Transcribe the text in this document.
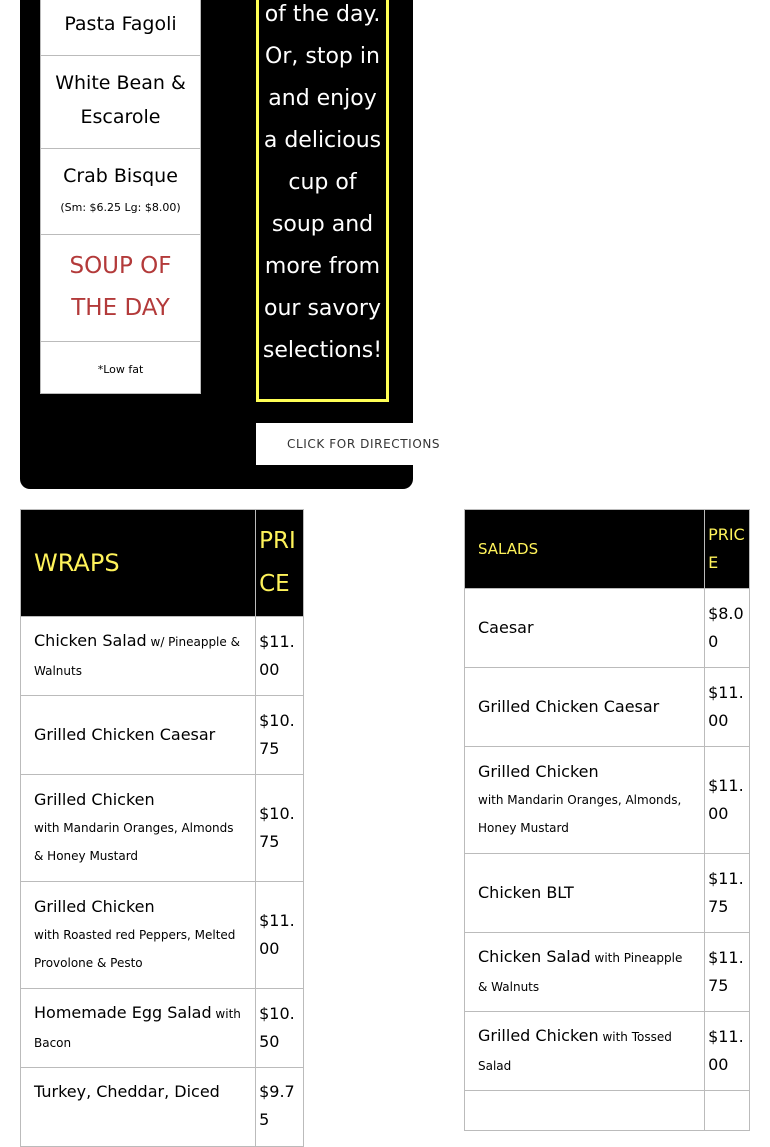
Pasta Fagoli
White Bean & Escarole
Crab Bisque
(Sm: $6.25 Lg: $8.00)
SOUP OF THE DAY
*Low fat
of the day. Or, stop in and enjoy a delicious cup of soup and more from our savory selections!
CLICK FOR DIRECTIONS
WRAPS	PRICE
Chicken Salad w/ Pineapple & Walnuts	$11.00
Grilled Chicken Caesar	$10.75

Grilled Chicken
with Mandarin Oranges, Almonds & Honey Mustard	$10.75

Grilled Chicken
with Roasted red Peppers, Melted Provolone & Pesto	$11.00
Homemade Egg Salad with Bacon	$10.50
Turkey, Cheddar, Diced	$9.75
SALADS	PRICE
Caesar	$8.00
Grilled Chicken Caesar	$11.00

Grilled Chicken
with Mandarin Oranges, Almonds, Honey Mustard	$11.00
Chicken BLT	$11.75
Chicken Salad with Pineapple & Walnuts	$11.75
Grilled Chicken with Tossed Salad	$11.00
